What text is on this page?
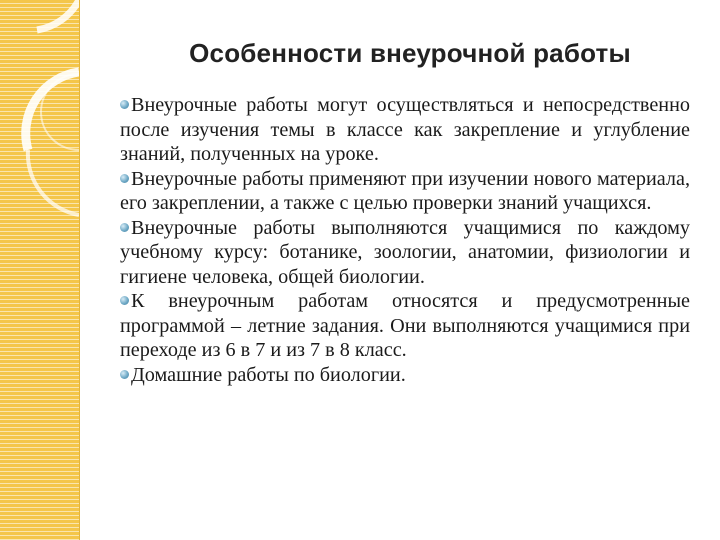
Особенности внеурочной работы

Внеурочные работы могут осуществляться и непосредственно после изучения темы в классе как закрепление и углубление знаний, полученных на уроке.

Внеурочные работы применяют при изучении нового материала, его закреплении, а также с целью проверки знаний учащихся.

Внеурочные работы выполняются учащимися по каждому учебному курсу: ботанике, зоологии, анатомии, физиологии и гигиене человека, общей биологии.

К внеурочным работам относятся и предусмотренные программой – летние задания. Они выполняются учащимися при переходе из 6 в 7 и из 7 в 8 класс.

Домашние работы по биологии.
